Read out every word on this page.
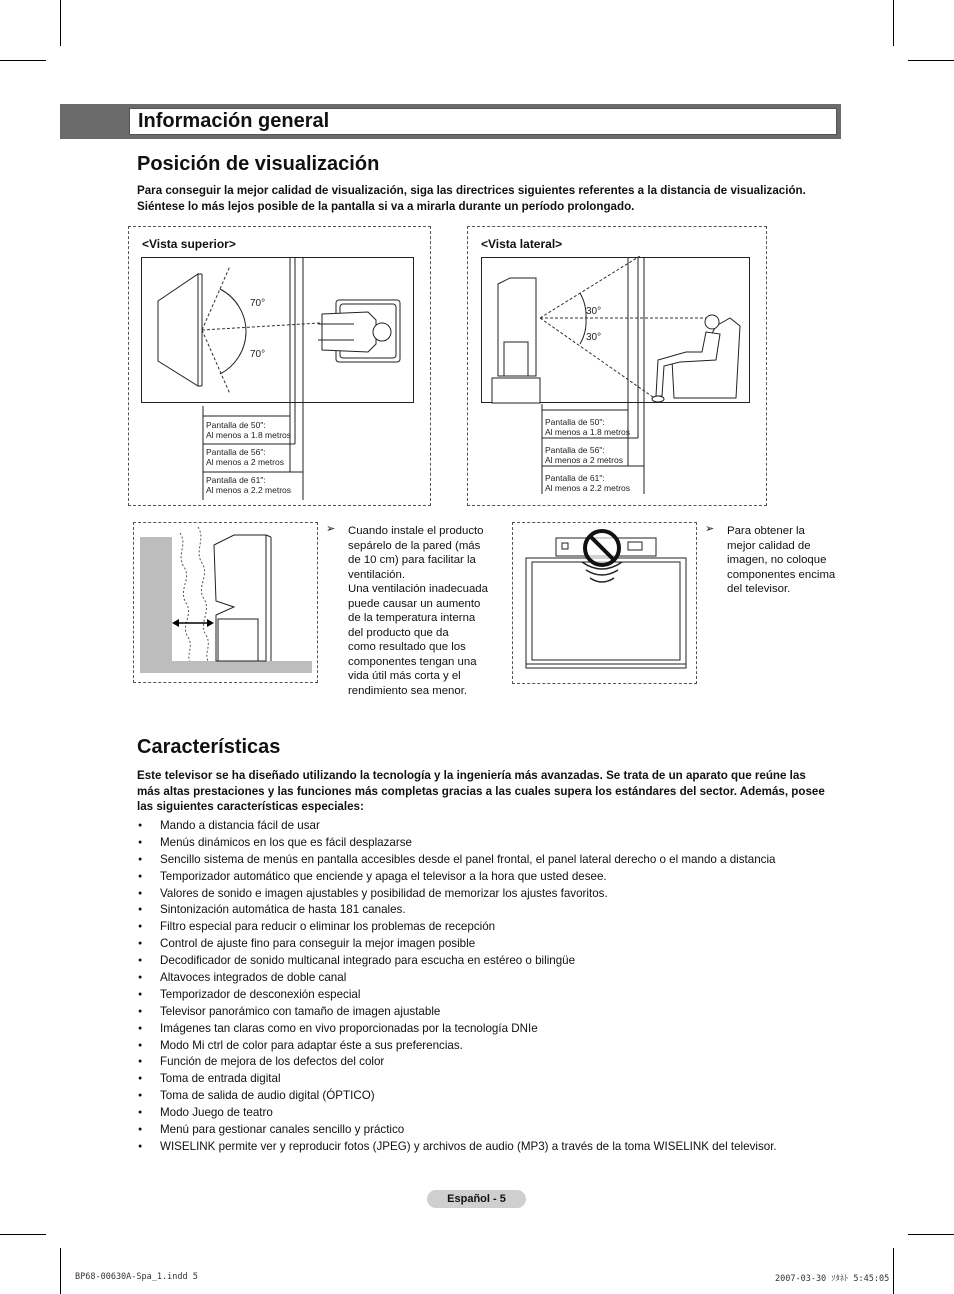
Información general
Posición de visualización
Para conseguir la mejor calidad de visualización, siga las directrices siguientes referentes a la distancia de visualización.
Siéntese lo más lejos posible de la pantalla si va a mirarla durante un período prolongado.
<Vista superior>
70°
70°
Pantalla de 50":
Al menos a 1.8 metros
Pantalla de 56":
Al menos a 2 metros
Pantalla de 61":
Al menos a 2.2 metros
<Vista lateral>
30°
30°
Pantalla de 50":
Al menos a 1.8 metros
Pantalla de 56":
Al menos a 2 metros
Pantalla de 61":
Al menos a 2.2 metros
➢ Cuando instale el producto
sepárelo de la pared (más
de 10 cm) para facilitar la
ventilación.
Una ventilación inadecuada
puede causar un aumento
de la temperatura interna
del producto que da
como resultado que los
componentes tengan una
vida útil más corta y el
rendimiento sea menor.
➢ Para obtener la
mejor calidad de
imagen, no coloque
componentes encima
del televisor.
Características
Este televisor se ha diseñado utilizando la tecnología y la ingeniería más avanzadas. Se trata de un aparato que reúne las
más altas prestaciones y las funciones más completas gracias a las cuales supera los estándares del sector. Además, posee
las siguientes características especiales:
● Mando a distancia fácil de usar
● Menús dinámicos en los que es fácil desplazarse
● Sencillo sistema de menús en pantalla accesibles desde el panel frontal, el panel lateral derecho o el mando a distancia
● Temporizador automático que enciende y apaga el televisor a la hora que usted desee.
● Valores de sonido e imagen ajustables y posibilidad de memorizar los ajustes favoritos.
● Sintonización automática de hasta 181 canales.
● Filtro especial para reducir o eliminar los problemas de recepción
● Control de ajuste fino para conseguir la mejor imagen posible
● Decodificador de sonido multicanal integrado para escucha en estéreo o bilingüe
● Altavoces integrados de doble canal
● Temporizador de desconexión especial
● Televisor panorámico con tamaño de imagen ajustable
● Imágenes tan claras como en vivo proporcionadas por la tecnología DNIe
● Modo Mi ctrl de color para adaptar éste a sus preferencias.
● Función de mejora de los defectos del color
● Toma de entrada digital
● Toma de salida de audio digital (ÓPTICO)
● Modo Juego de teatro
● Menú para gestionar canales sencillo y práctico
● WISELINK permite ver y reproducir fotos (JPEG) y archivos de audio (MP3) a través de la toma WISELINK del televisor.
Español - 5
BP68-00630A-Spa_1.indd 5	2007-03-30 ｿﾀﾈﾄ 5:45:05
